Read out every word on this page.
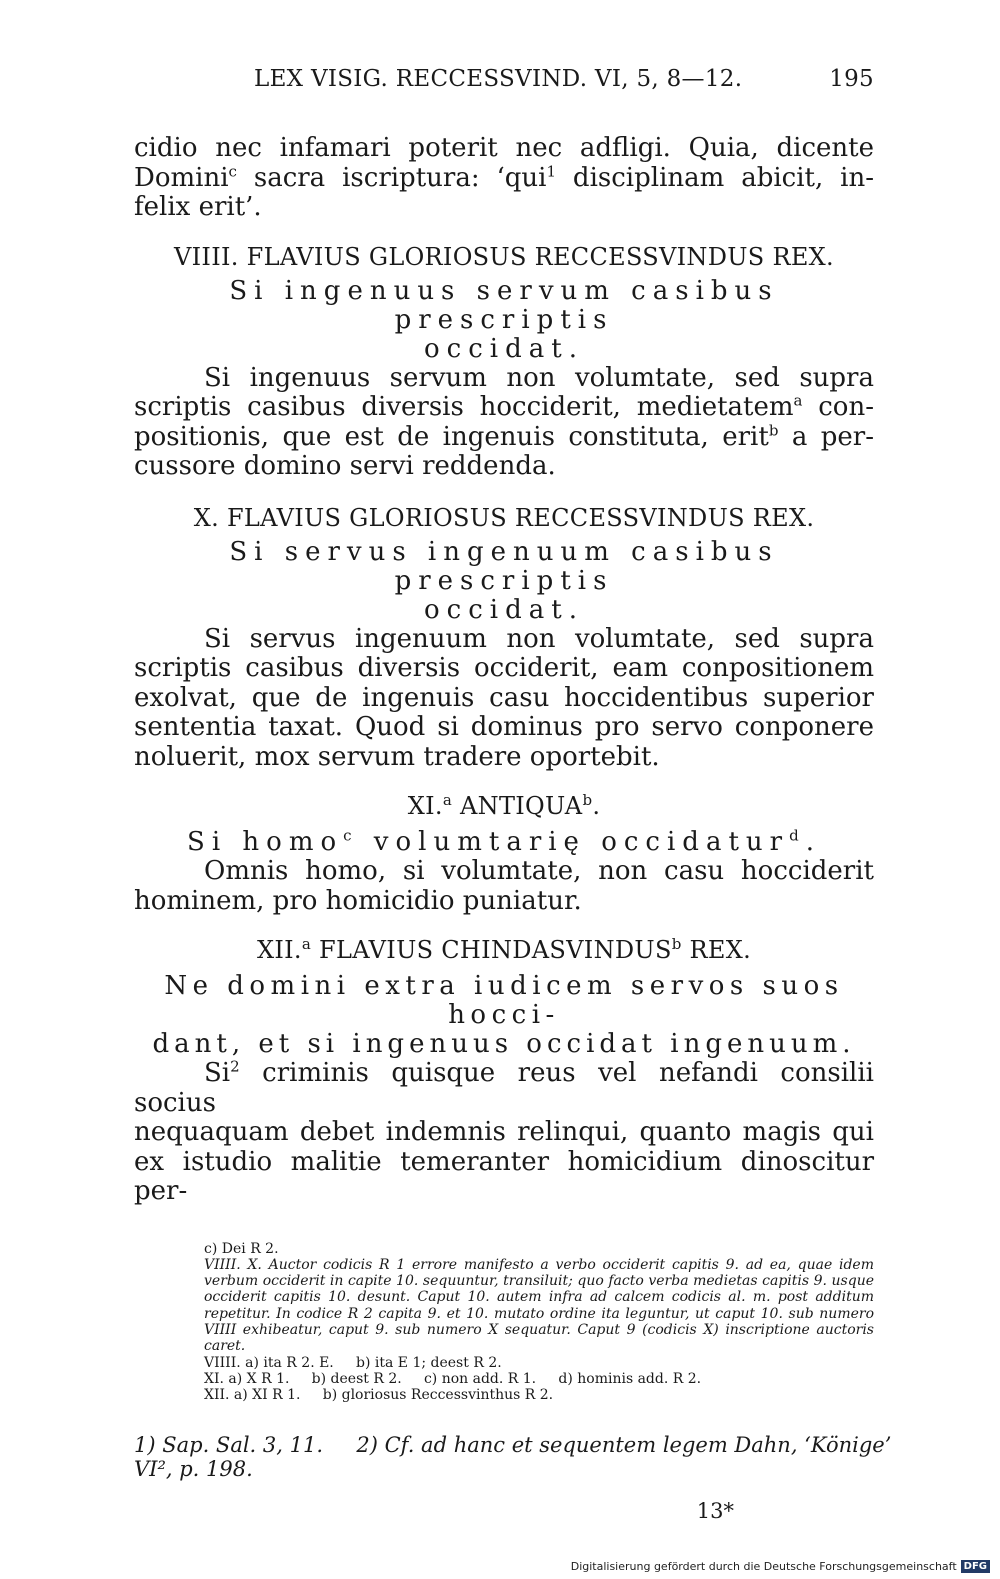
LEX VISIG. RECCESSVIND. VI, 5, 8—12.	195

cidio nec infamari poterit nec adfligi. Quia, dicente

Domini$^c$ sacra iscriptura: ‘qui$^1$ disciplinam abicit, in-

felix erit’.

VIIII. FLAVIUS GLORIOSUS RECCESSVINDUS REX.

Si ingenuus servum casibus prescriptis

occidat.

Si ingenuus servum non volumtate, sed supra

scriptis casibus diversis hocciderit, medietatem$^a$ con-

positionis, que est de ingenuis constituta, erit$^b$ a per-

cussore domino servi reddenda.

X. FLAVIUS GLORIOSUS RECCESSVINDUS REX.

Si servus ingenuum casibus prescriptis

occidat.

Si servus ingenuum non volumtate, sed supra

scriptis casibus diversis occiderit, eam conpositionem

exolvat, que de ingenuis casu hoccidentibus superior

sententia taxat. Quod si dominus pro servo conponere

noluerit, mox servum tradere oportebit.

XI.$^a$ ANTIQUA$^b$.

Si homo$^c$ volumtarię occidatur$^d$.

Omnis homo, si volumtate, non casu hocciderit

hominem, pro homicidio puniatur.

XII.$^a$ FLAVIUS CHINDASVINDUS$^b$ REX.

Ne domini extra iudicem servos suos hocci-

dant, et si ingenuus occidat ingenuum.

Si$^2$ criminis quisque reus vel nefandi consilii socius

nequaquam debet indemnis relinqui, quanto magis qui

ex istudio malitie temeranter homicidium dinoscitur per-

c) Dei R 2.

VIIII. X. Auctor codicis R 1 errore manifesto a verbo occiderit capitis 9. ad ea, quae idem verbum occiderit in capite 10. sequuntur, transiluit; quo facto verba medietas capitis 9. usque occiderit capitis 10. desunt. Caput 10. autem infra ad calcem codicis al. m. post additum repetitur. In codice R 2 capita 9. et 10. mutato ordine ita leguntur, ut caput 10. sub numero VIIII exhibeatur, caput 9. sub numero X sequatur. Caput 9 (codicis X) inscriptione auctoris caret.

VIIII. a) ita R 2. E.     b) ita E 1; deest R 2.

XI. a) X R 1.     b) deest R 2.     c) non add. R 1.     d) hominis add. R 2.

XII. a) XI R 1.     b) gloriosus Reccessvinthus R 2.

1) Sap. Sal. 3, 11.     2) Cf. ad hanc et sequentem legem Dahn, ‘Könige’

VI², p. 198.

13*
Digitalisierung gefördert durch die Deutsche Forschungsgemeinschaft DFG
